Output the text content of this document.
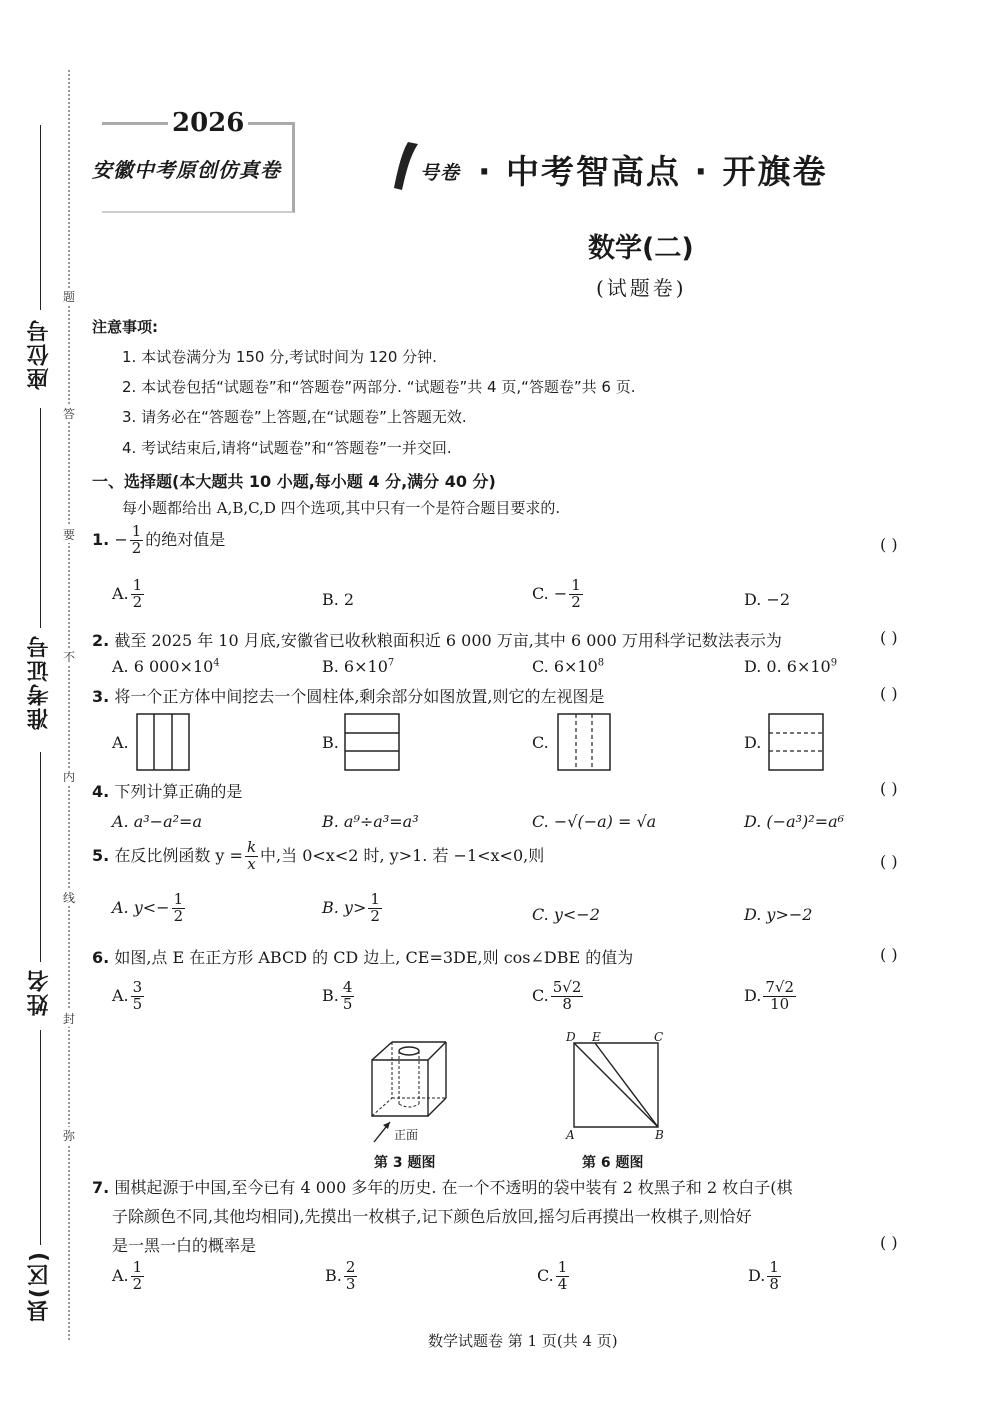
座位号
准考证号
姓名
县(区)
题
答
要
不
内
线
封
弥
2026
安徽中考原创仿真卷	号卷 · 中考智高点 · 开旗卷
数学(二)
(试题卷)
注意事项:
1. 本试卷满分为 150 分,考试时间为 120 分钟.
2. 本试卷包括“试题卷”和“答题卷”两部分. “试题卷”共 4 页,“答题卷”共 6 页.
3. 请务必在“答题卷”上答题,在“试题卷”上答题无效.
4. 考试结束后,请将“试题卷”和“答题卷”一并交回.
一、选择题(本大题共 10 小题,每小题 4 分,满分 40 分)
每小题都给出 A,B,C,D 四个选项,其中只有一个是符合题目要求的.
1. − $\frac{1}{2}$ 的绝对值是	( )
A. $\frac{1}{2}$	B. 2	C. − $\frac{1}{2}$	D. −2
2. 截至 2025 年 10 月底,安徽省已收秋粮面积近 6 000 万亩,其中 6 000 万用科学记数法表示为	( )
A. 6 $000\times 10^4$	B. $6\times 10^7$	C. $6\times 10^8$	D. 0. $6\times 10^9$
3. 将一个正方体中间挖去一个圆柱体,剩余部分如图放置,则它的左视图是	( )
A.	B.	C.	D.
4. 下列计算正确的是	( )
A. a³−a²=a	B. a⁹÷a³=a³	C. −√(−a) = √a	D. (−a³)²=a⁶
5. 在反比例函数 $y = \frac{k}{x}$ 中,当 0<x<2 时, y>1. 若 −1<x<0,则	( )
A. $y<- \frac{1}{2}$	B. $y> \frac{1}{2}$	C. y<−2	D. y>−2
6. 如图,点 E 在正方形 ABCD 的 CD 边上, CE=3DE,则 cos∠DBE 的值为	( )
A. $\frac{3}{5}$	B. $\frac{4}{5}$	C. $\frac{5√2}{8}$	D. $\frac{7√2}{10}$
正面
第 3 题图
D E	C
A	B
第 6 题图
7. 围棋起源于中国,至今已有 4 000 多年的历史. 在一个不透明的袋中装有 2 枚黑子和 2 枚白子(棋
子除颜色不同,其他均相同),先摸出一枚棋子,记下颜色后放回,摇匀后再摸出一枚棋子,则恰好
是一黑一白的概率是	( )
A. $\frac{1}{2}$	B. $\frac{2}{3}$	C. $\frac{1}{4}$	D. $\frac{1}{8}$
数学试题卷 第 1 页(共 4 页)
